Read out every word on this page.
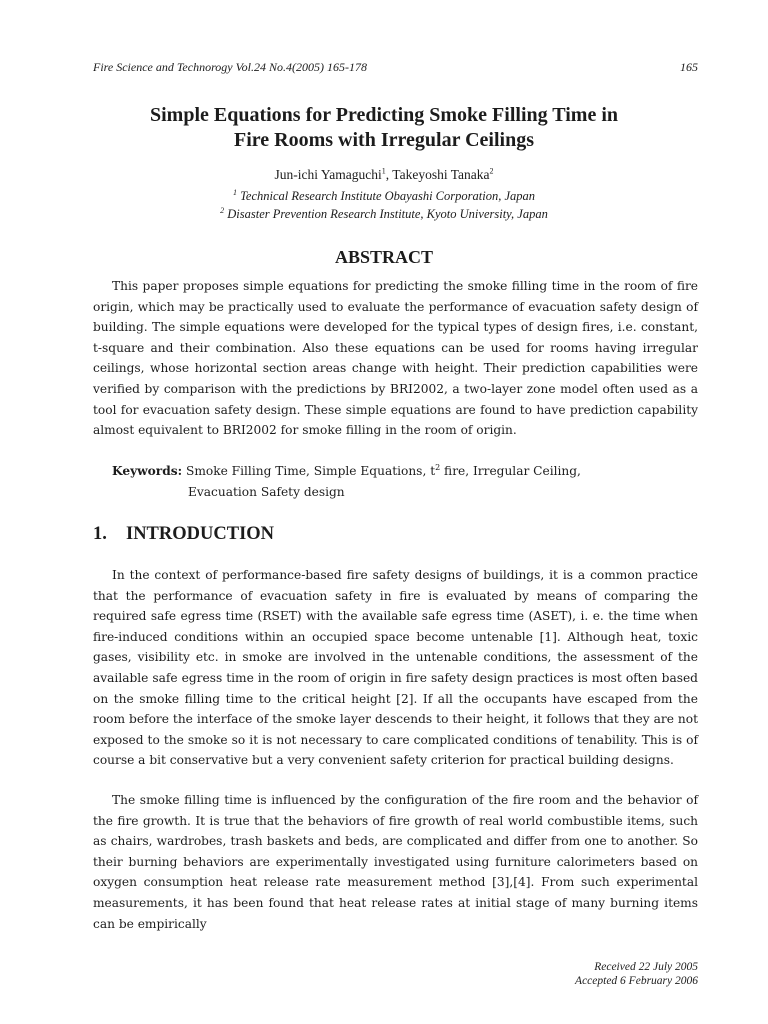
Fire Science and Technorogy Vol.24 No.4(2005) 165-178	165
Simple Equations for Predicting Smoke Filling Time in
Fire Rooms with Irregular Ceilings
Jun-ichi Yamaguchi$^1$, Takeyoshi Tanaka$^2$
$^1$ Technical Research Institute Obayashi Corporation, Japan
$^2$ Disaster Prevention Research Institute, Kyoto University, Japan
ABSTRACT

This paper proposes simple equations for predicting the smoke filling time in the room of fire origin, which may be practically used to evaluate the performance of evacuation safety design of building. The simple equations were developed for the typical types of design fires, i.e. constant, t-square and their combination. Also these equations can be used for rooms having irregular ceilings, whose horizontal section areas change with height. Their prediction capabilities were verified by comparison with the predictions by BRI2002, a two-layer zone model often used as a tool for evacuation safety design. These simple equations are found to have prediction capability almost equivalent to BRI2002 for smoke filling in the room of origin.

Keywords: Smoke Filling Time, Simple Equations, $t^2$ fire, Irregular Ceiling,
Evacuation Safety design
1. INTRODUCTION

In the context of performance-based fire safety designs of buildings, it is a common practice that the performance of evacuation safety in fire is evaluated by means of comparing the required safe egress time (RSET) with the available safe egress time (ASET), i. e. the time when fire-induced conditions within an occupied space become untenable [1]. Although heat, toxic gases, visibility etc. in smoke are involved in the untenable conditions, the assessment of the available safe egress time in the room of origin in fire safety design practices is most often based on the smoke filling time to the critical height [2]. If all the occupants have escaped from the room before the interface of the smoke layer descends to their height, it follows that they are not exposed to the smoke so it is not necessary to care complicated conditions of tenability. This is of course a bit conservative but a very convenient safety criterion for practical building designs.

The smoke filling time is influenced by the configuration of the fire room and the behavior of the fire growth. It is true that the behaviors of fire growth of real world combustible items, such as chairs, wardrobes, trash baskets and beds, are complicated and differ from one to another. So their burning behaviors are experimentally investigated using furniture calorimeters based on oxygen consumption heat release rate measurement method [3],[4]. From such experimental measurements, it has been found that heat release rates at initial stage of many burning items can be empirically

Received 22 July 2005
Accepted 6 February 2006
